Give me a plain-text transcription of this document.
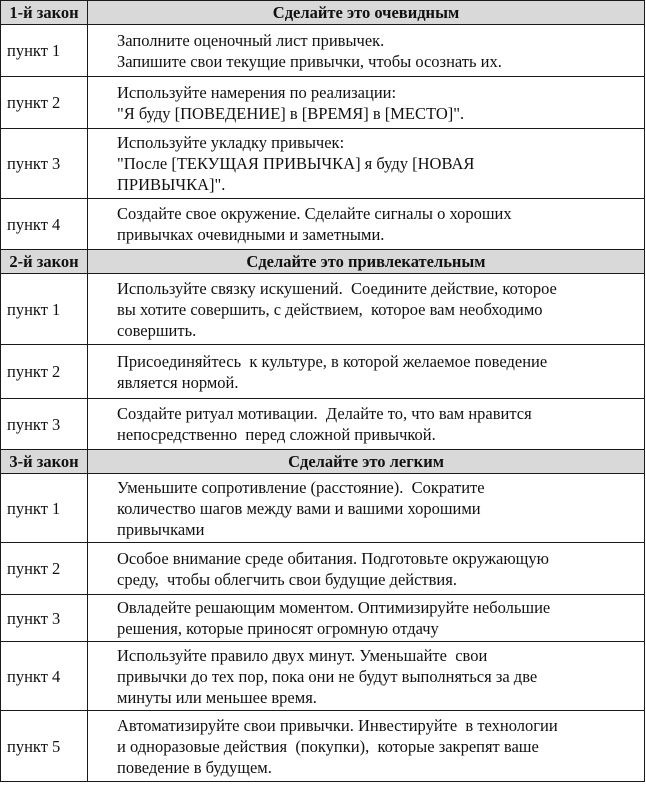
1-й закон	Сделайте это очевидным
пункт 1	Заполните оценочный лист привычек.
Запишите свои текущие привычки, чтобы осознать их.

пункт 2	Используйте намерения по реализации:
"Я буду [ПОВЕДЕНИЕ] в [ВРЕМЯ] в [МЕСТО]".

пункт 3	Используйте укладку привычек:
"После [ТЕКУЩАЯ ПРИВЫЧКА] я буду [НОВАЯ
ПРИВЫЧКА]".

пункт 4	Создайте свое окружение. Сделайте сигналы о хороших
привычках очевидными и заметными.

2-й закон	Сделайте это привлекательным
пункт 1	Используйте связку искушений.  Соедините действие, которое
вы хотите совершить, с действием,  которое вам необходимо
совершить.

пункт 2	Присоединяйтесь  к культуре, в которой желаемое поведение
является нормой.

пункт 3	Создайте ритуал мотивации.  Делайте то, что вам нравится
непосредственно  перед сложной привычкой.

3-й закон	Сделайте это легким
пункт 1	Уменьшите сопротивление (расстояние).  Сократите
количество шагов между вами и вашими хорошими
привычками

пункт 2	Особое внимание среде обитания. Подготовьте окружающую
среду,  чтобы облегчить свои будущие действия.

пункт 3	Овладейте решающим моментом. Оптимизируйте небольшие
решения, которые приносят огромную отдачу

пункт 4	Используйте правило двух минут. Уменьшайте  свои
привычки до тех пор, пока они не будут выполняться за две
минуты или меньшее время.

пункт 5	Автоматизируйте свои привычки. Инвестируйте  в технологии
и одноразовые действия  (покупки),  которые закрепят ваше
поведение в будущем.
